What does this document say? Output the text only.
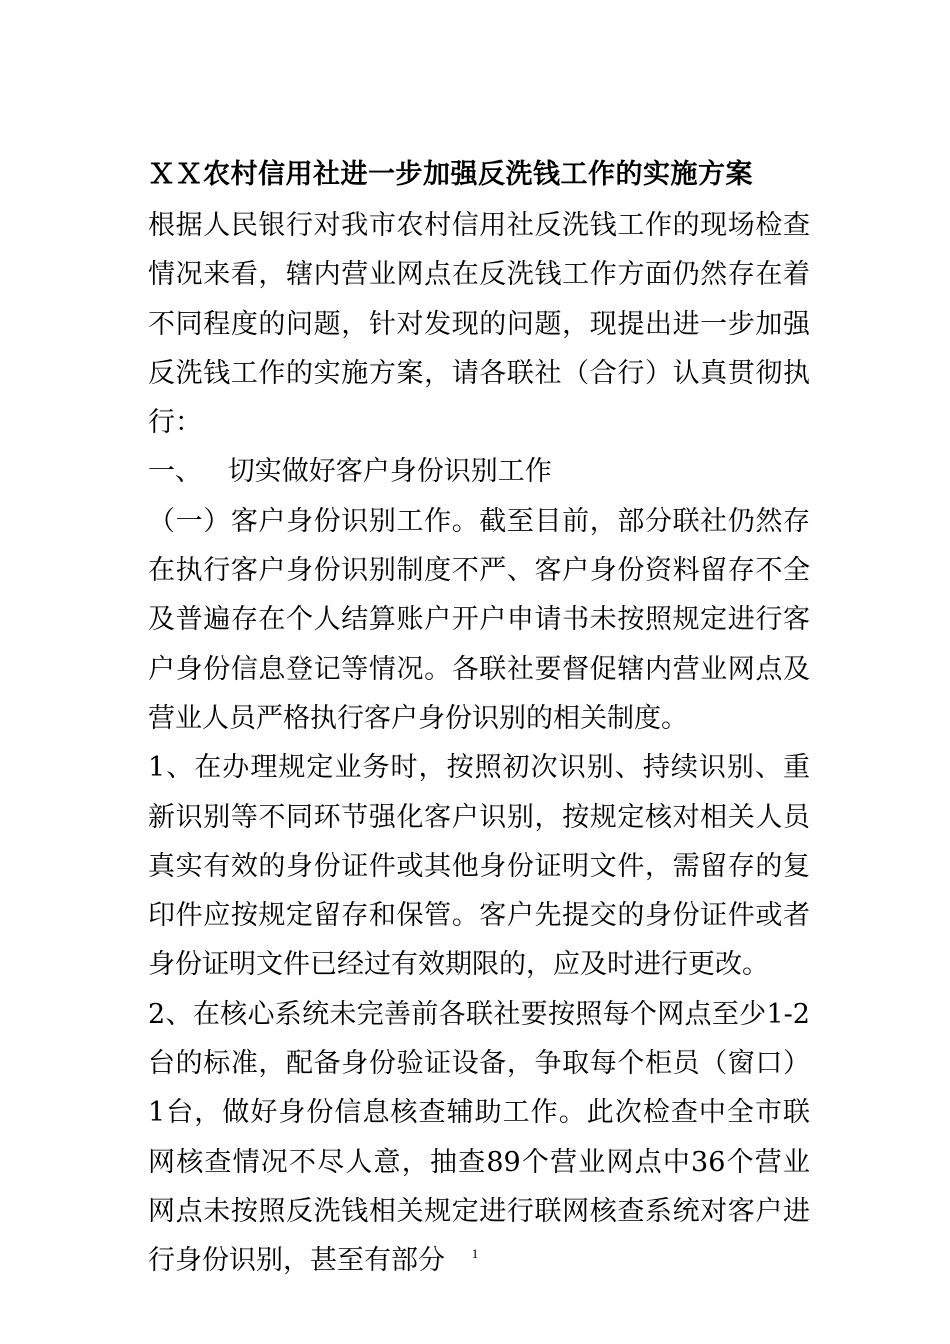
ＸＸ农村信用社进一步加强反洗钱工作的实施方案

根据人民银行对我市农村信用社反洗钱工作的现场检查情况来看，辖内营业网点在反洗钱工作方面仍然存在着不同程度的问题，针对发现的问题，现提出进一步加强反洗钱工作的实施方案，请各联社（合行）认真贯彻执行：

一、   切实做好客户身份识别工作

（一）客户身份识别工作。截至目前，部分联社仍然存在执行客户身份识别制度不严、客户身份资料留存不全及普遍存在个人结算账户开户申请书未按照规定进行客户身份信息登记等情况。各联社要督促辖内营业网点及营业人员严格执行客户身份识别的相关制度。

1、在办理规定业务时，按照初次识别、持续识别、重新识别等不同环节强化客户识别，按规定核对相关人员真实有效的身份证件或其他身份证明文件，需留存的复印件应按规定留存和保管。客户先提交的身份证件或者身份证明文件已经过有效期限的，应及时进行更改。

2、在核心系统未完善前各联社要按照每个网点至少1-2台的标准，配备身份验证设备，争取每个柜员（窗口）1台，做好身份信息核查辅助工作。此次检查中全市联网核查情况不尽人意，抽查89个营业网点中36个营业网点未按照反洗钱相关规定进行联网核查系统对客户进行身份识别，甚至有部分	1
